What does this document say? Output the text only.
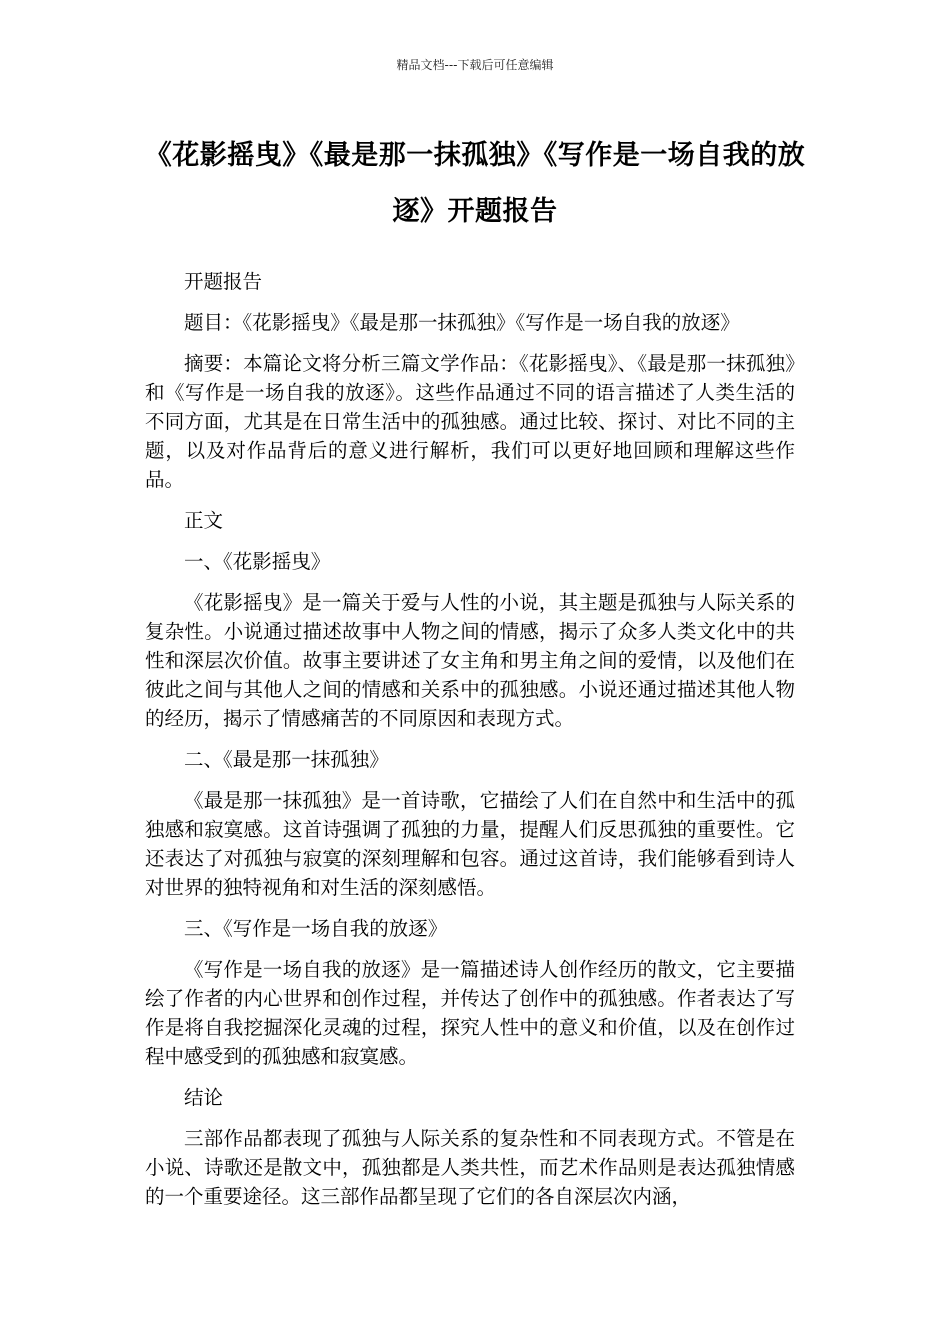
精品文档---下载后可任意编辑
《花影摇曳》《最是那一抹孤独》《写作是一场自我的放逐》开题报告

开题报告

题目：《花影摇曳》《最是那一抹孤独》《写作是一场自我的放逐》

摘要：本篇论文将分析三篇文学作品：《花影摇曳》、《最是那一抹孤独》和《写作是一场自我的放逐》。这些作品通过不同的语言描述了人类生活的不同方面，尤其是在日常生活中的孤独感。通过比较、探讨、对比不同的主题，以及对作品背后的意义进行解析，我们可以更好地回顾和理解这些作品。

正文

一、《花影摇曳》

《花影摇曳》是一篇关于爱与人性的小说，其主题是孤独与人际关系的复杂性。小说通过描述故事中人物之间的情感，揭示了众多人类文化中的共性和深层次价值。故事主要讲述了女主角和男主角之间的爱情，以及他们在彼此之间与其他人之间的情感和关系中的孤独感。小说还通过描述其他人物的经历，揭示了情感痛苦的不同原因和表现方式。

二、《最是那一抹孤独》

《最是那一抹孤独》是一首诗歌，它描绘了人们在自然中和生活中的孤独感和寂寞感。这首诗强调了孤独的力量，提醒人们反思孤独的重要性。它还表达了对孤独与寂寞的深刻理解和包容。通过这首诗，我们能够看到诗人对世界的独特视角和对生活的深刻感悟。

三、《写作是一场自我的放逐》

《写作是一场自我的放逐》是一篇描述诗人创作经历的散文，它主要描绘了作者的内心世界和创作过程，并传达了创作中的孤独感。作者表达了写作是将自我挖掘深化灵魂的过程，探究人性中的意义和价值，以及在创作过程中感受到的孤独感和寂寞感。

结论

三部作品都表现了孤独与人际关系的复杂性和不同表现方式。不管是在小说、诗歌还是散文中，孤独都是人类共性，而艺术作品则是表达孤独情感的一个重要途径。这三部作品都呈现了它们的各自深层次内涵，
